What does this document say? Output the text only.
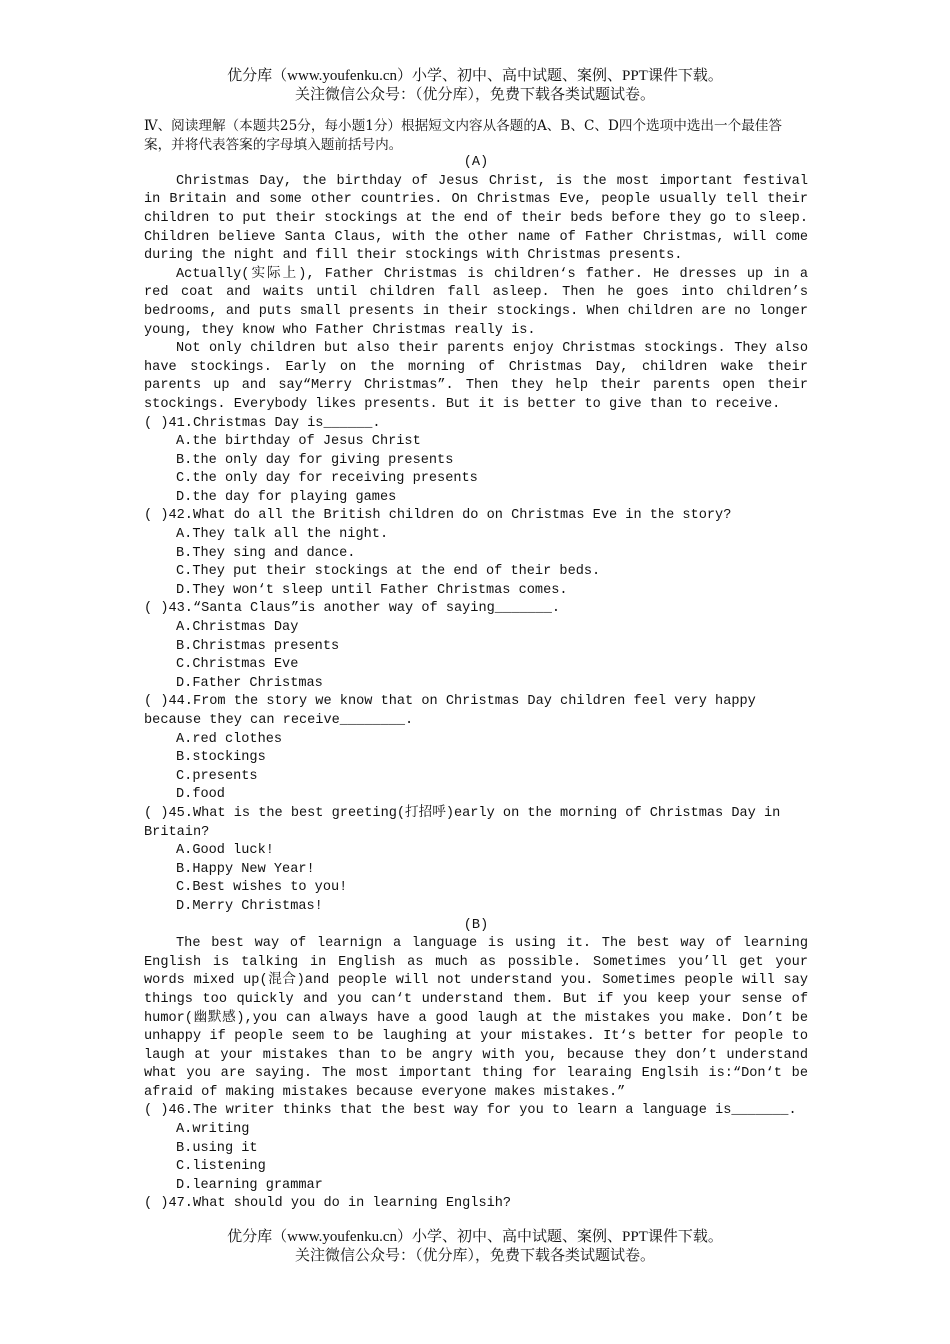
优分库（www.youfenku.cn）小学、初中、高中试题、案例、PPT课件下载。
关注微信公众号：（优分库），免费下载各类试题试卷。
Ⅳ、阅读理解（本题共25分，每小题1分）根据短文内容从各题的A、B、C、D四个选项中选出一个最佳答案，并将代表答案的字母填入题前括号内。
(A)
Christmas Day, the birthday of Jesus Christ, is the most important festival in Britain and some other countries. On Christmas Eve, people usually tell their children to put their stockings at the end of their beds before they go to sleep. Children believe Santa Claus, with the other name of Father Christmas, will come during the night and fill their stockings with Christmas presents.
Actually(实际上), Father Christmas is children‘s father. He dresses up in a red coat and waits until children fall asleep. Then he goes into children’s bedrooms, and puts small presents in their stockings. When children are no longer young, they know who Father Christmas really is.
Not only children but also their parents enjoy Christmas stockings. They also have stockings. Early on the morning of Christmas Day, children wake their parents up and say“Merry Christmas”. Then they help their parents open their stockings. Everybody likes presents. But it is better to give than to receive.
( )41.Christmas Day is______.
A.the birthday of Jesus Christ
B.the only day for giving presents
C.the only day for receiving presents
D.the day for playing games
( )42.What do all the British children do on Christmas Eve in the story?
A.They talk all the night.
B.They sing and dance.
C.They put their stockings at the end of their beds.
D.They won‘t sleep until Father Christmas comes.
( )43.“Santa Claus”is another way of saying_______.
A.Christmas Day
B.Christmas presents
C.Christmas Eve
D.Father Christmas
( )44.From the story we know that on Christmas Day children feel very happy because they can receive________.
A.red clothes
B.stockings
C.presents
D.food
( )45.What is the best greeting(打招呼)early on the morning of Christmas Day in Britain?
A.Good luck!
B.Happy New Year!
C.Best wishes to you!
D.Merry Christmas!
(B)
The best way of learnign a language is using it. The best way of learning English is talking in English as much as possible. Sometimes you’ll get your words mixed up(混合)and people will not understand you. Sometimes people will say things too quickly and you can‘t understand them. But if you keep your sense of humor(幽默感),you can always have a good laugh at the mistakes you make. Don’t be unhappy if people seem to be laughing at your mistakes. It‘s better for people to laugh at your mistakes than to be angry with you, because they don’t understand what you are saying. The most important thing for learaing Englsih is:“Don‘t be afraid of making mistakes because everyone makes mistakes.”
( )46.The writer thinks that the best way for you to learn a language is_______.
A.writing
B.using it
C.listening
D.learning grammar
( )47.What should you do in learning Englsih?
优分库（www.youfenku.cn）小学、初中、高中试题、案例、PPT课件下载。
关注微信公众号：（优分库），免费下载各类试题试卷。
